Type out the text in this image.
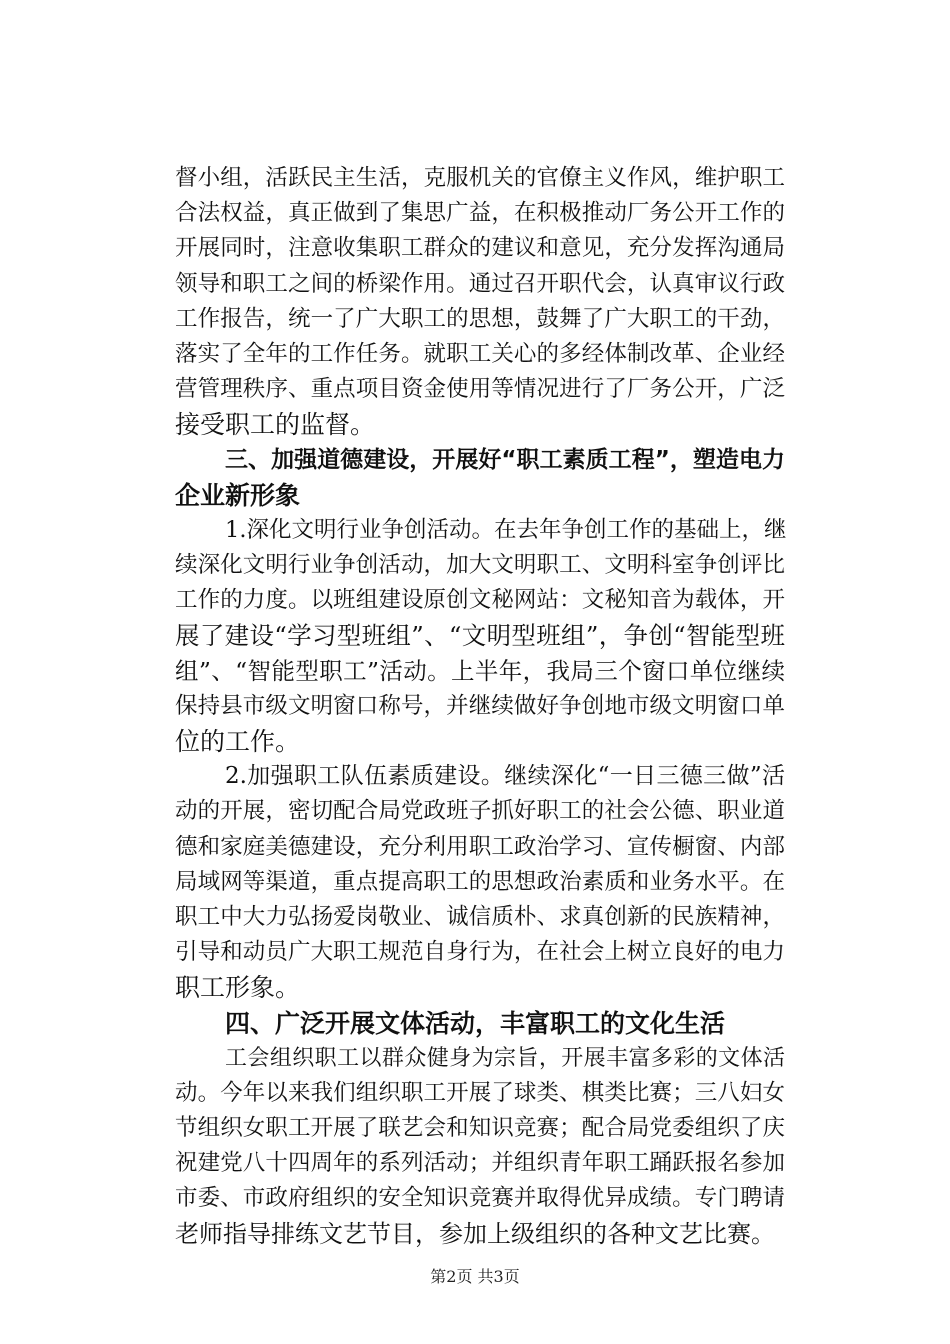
督小组，活跃民主生活，克服机关的官僚主义作风，维护职工
合法权益，真正做到了集思广益，在积极推动厂务公开工作的
开展同时，注意收集职工群众的建议和意见，充分发挥沟通局
领导和职工之间的桥梁作用。通过召开职代会，认真审议行政
工作报告，统一了广大职工的思想，鼓舞了广大职工的干劲，
落实了全年的工作任务。就职工关心的多经体制改革、企业经
营管理秩序、重点项目资金使用等情况进行了厂务公开，广泛
接受职工的监督。
三、加强道德建设，开展好“职工素质工程”，塑造电力
企业新形象
1.深化文明行业争创活动。在去年争创工作的基础上，继
续深化文明行业争创活动，加大文明职工、文明科室争创评比
工作的力度。以班组建设原创文秘网站：文秘知音为载体，开
展了建设“学习型班组”、“文明型班组”，争创“智能型班
组”、“智能型职工”活动。上半年，我局三个窗口单位继续
保持县市级文明窗口称号，并继续做好争创地市级文明窗口单
位的工作。
2.加强职工队伍素质建设。继续深化“一日三德三做”活
动的开展，密切配合局党政班子抓好职工的社会公德、职业道
德和家庭美德建设，充分利用职工政治学习、宣传橱窗、内部
局域网等渠道，重点提高职工的思想政治素质和业务水平。在
职工中大力弘扬爱岗敬业、诚信质朴、求真创新的民族精神，
引导和动员广大职工规范自身行为，在社会上树立良好的电力
职工形象。
四、广泛开展文体活动，丰富职工的文化生活
工会组织职工以群众健身为宗旨，开展丰富多彩的文体活
动。今年以来我们组织职工开展了球类、棋类比赛；三八妇女
节组织女职工开展了联艺会和知识竞赛；配合局党委组织了庆
祝建党八十四周年的系列活动；并组织青年职工踊跃报名参加
市委、市政府组织的安全知识竞赛并取得优异成绩。专门聘请
老师指导排练文艺节目，参加上级组织的各种文艺比赛。
第2页 共3页
